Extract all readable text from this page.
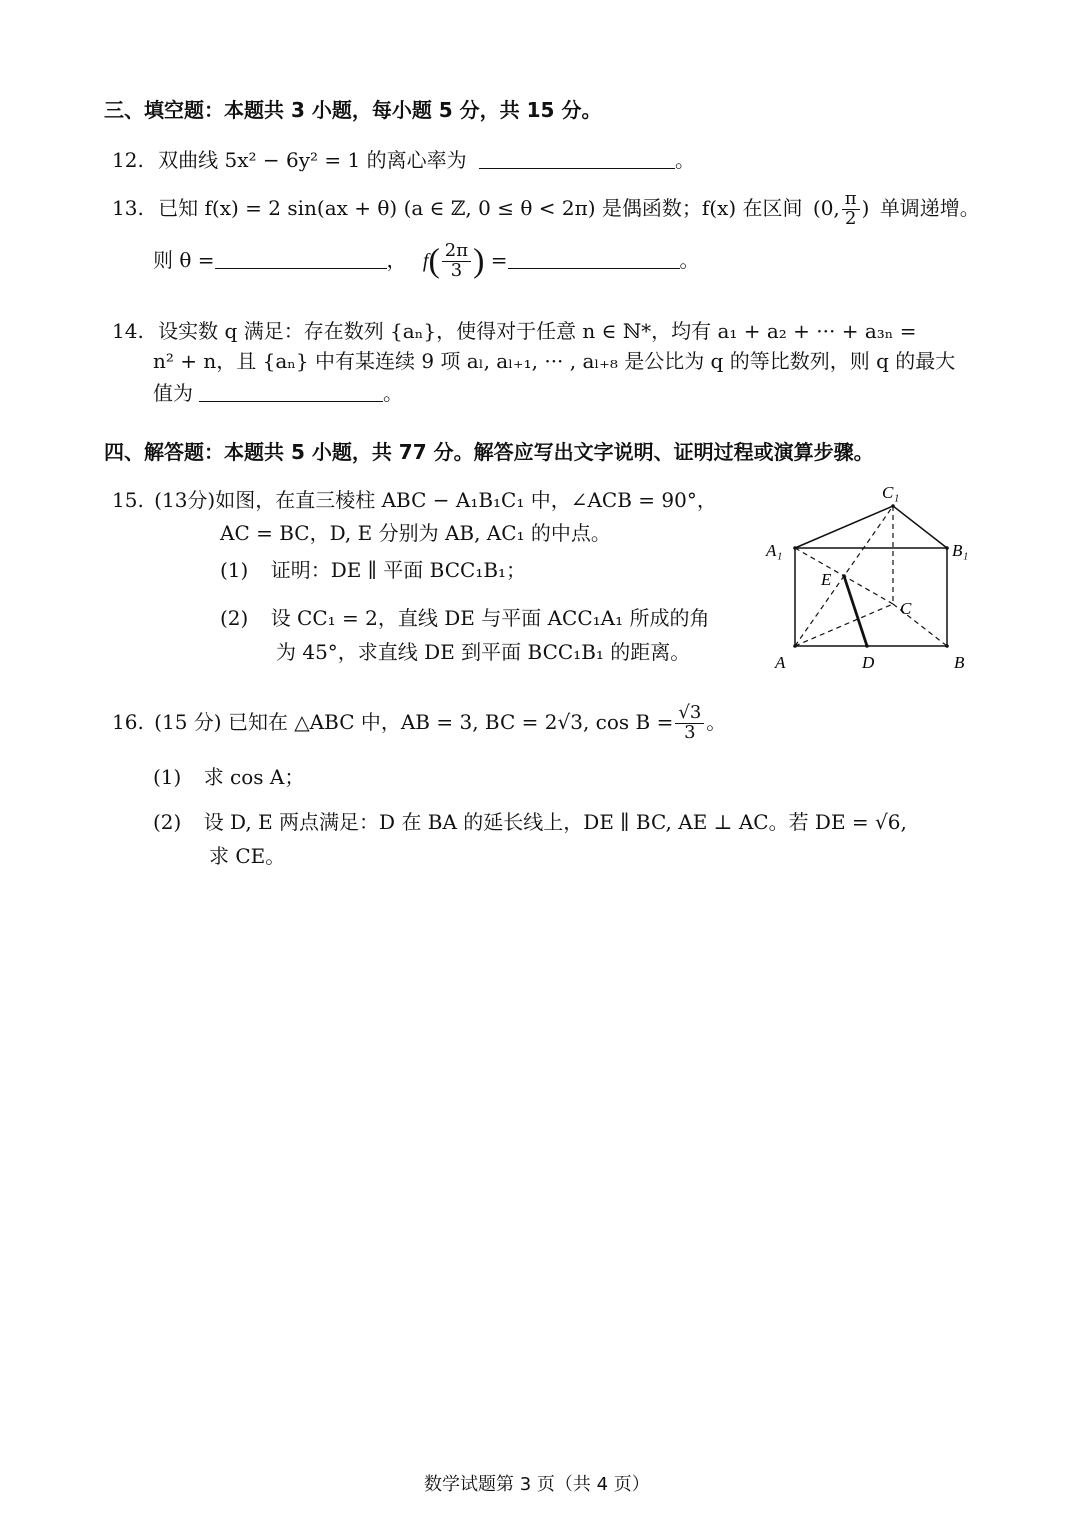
三、填空题：本题共 3 小题，每小题 5 分，共 15 分。
12. 双曲线 5x² − 6y² = 1 的离心率为	。
13. 已知 f(x) = 2 sin(ax + θ) (a ∈ ℤ, 0 ≤ θ < 2π) 是偶函数；f(x) 在区间 (0, $\frac{\pi}{2}$ ) 单调递增。
则 θ =	， $f( \frac{2\pi}{3}$ ) =	。
14. 设实数 q 满足：存在数列 {aₙ}，使得对于任意 n ∈ ℕ*，均有 a₁ + a₂ + ··· + a₃ₙ =
n² + n，且 {aₙ} 中有某连续 9 项 aₗ, aₗ₊₁, ··· , aₗ₊₈ 是公比为 q 的等比数列，则 q 的最大
值为	。
四、解答题：本题共 5 小题，共 77 分。解答应写出文字说明、证明过程或演算步骤。
15. (13分)如图，在直三棱柱 ABC − A₁B₁C₁ 中，∠ACB = 90°，
AC = BC，D, E 分别为 AB, AC₁ 的中点。
(1) 证明：DE ∥ 平面 BCC₁B₁；
(2) 设 CC₁ = 2，直线 DE 与平面 ACC₁A₁ 所成的角
为 45°，求直线 DE 到平面 BCC₁B₁ 的距离。
C₁
A₁	B₁
E
C
A	D	B
16. (15 分) 已知在 △ABC 中，AB = 3, BC = 2√3, $\cos B = \frac{√3}{3}$ 。
(1) 求 cos A；
(2) 设 D, E 两点满足：D 在 BA 的延长线上，DE ∥ BC, AE ⊥ AC。若 DE = √6,
求 CE。
数学试题第 3 页（共 4 页）
